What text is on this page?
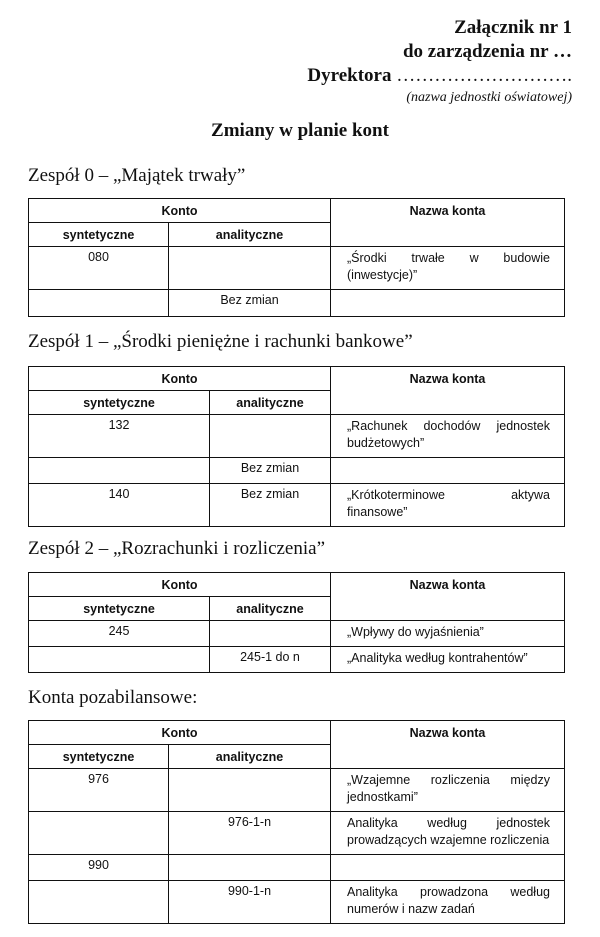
Załącznik nr 1
do zarządzenia nr …
Dyrektora ……………………….
(nazwa jednostki oświatowej)
Zmiany w planie kont
Zespół 0 – „Majątek trwały”
Konto		Nazwa konta
syntetyczne	analityczne	
080		„Środki trwałe w budowie (inwestycje)”
	Bez zmian	
Zespół 1 – „Środki pieniężne i rachunki bankowe”
Konto		Nazwa konta
syntetyczne	analityczne	
132		„Rachunek dochodów jednostek budżetowych”
	Bez zmian	
140	Bez zmian	„Krótkoterminowe aktywa finansowe”
Zespół 2 – „Rozrachunki i rozliczenia”
Konto		Nazwa konta
syntetyczne	analityczne	
245		„Wpływy do wyjaśnienia”
	245-1 do n	„Analityka według kontrahentów”
Konta pozabilansowe:
Konto		Nazwa konta
syntetyczne	analityczne	
976		„Wzajemne rozliczenia między jednostkami”
	976-1-n	Analityka według jednostek prowadzących wzajemne rozliczenia
990		
	990-1-n	Analityka prowadzona według numerów i nazw zadań
